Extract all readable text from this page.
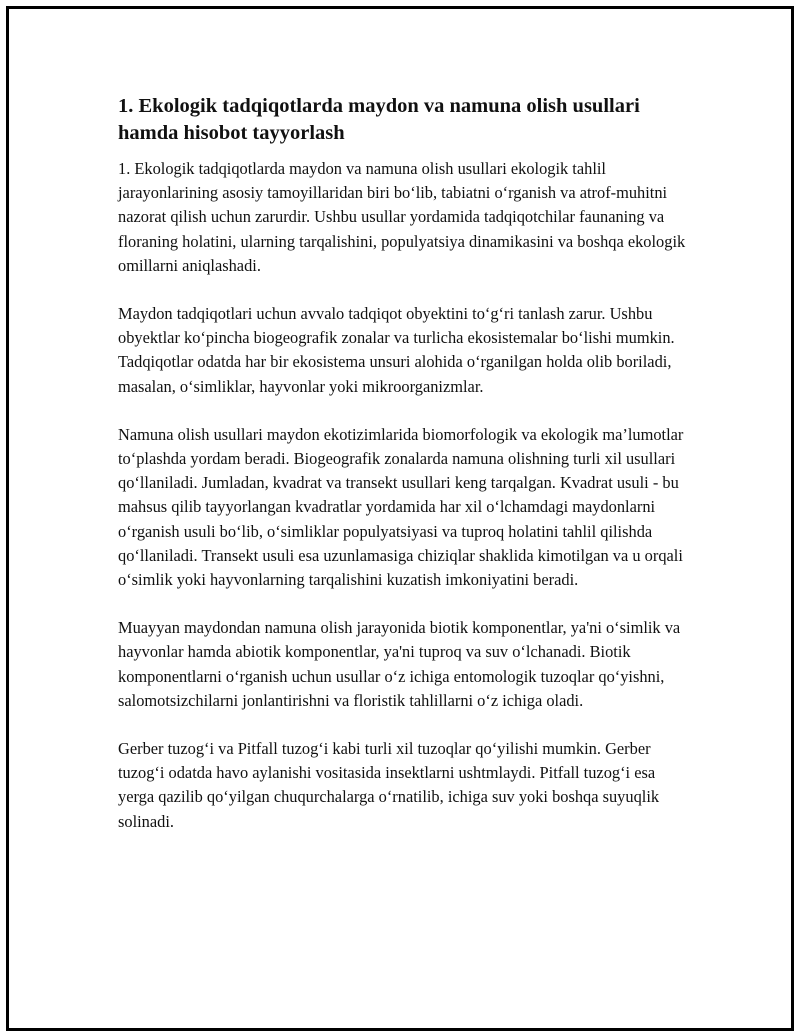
1. Ekologik tadqiqotlarda maydon va namuna olish usullari hamda hisobot tayyorlash

1. Ekologik tadqiqotlarda maydon va namuna olish usullari ekologik tahlil jarayonlarining asosiy tamoyillaridan biri bo‘lib, tabiatni o‘rganish va atrof-muhitni nazorat qilish uchun zarurdir. Ushbu usullar yordamida tadqiqotchilar faunaning va floraning holatini, ularning tarqalishini, populyatsiya dinamikasini va boshqa ekologik omillarni aniqlashadi.

Maydon tadqiqotlari uchun avvalo tadqiqot obyektini to‘g‘ri tanlash zarur. Ushbu obyektlar ko‘pincha biogeografik zonalar va turlicha ekosistemalar bo‘lishi mumkin. Tadqiqotlar odatda har bir ekosistema unsuri alohida o‘rganilgan holda olib boriladi, masalan, o‘simliklar, hayvonlar yoki mikroorganizmlar.

Namuna olish usullari maydon ekotizimlarida biomorfologik va ekologik ma’lumotlar to‘plashda yordam beradi. Biogeografik zonalarda namuna olishning turli xil usullari qo‘llaniladi. Jumladan, kvadrat va transekt usullari keng tarqalgan. Kvadrat usuli - bu mahsus qilib tayyorlangan kvadratlar yordamida har xil o‘lchamdagi maydonlarni o‘rganish usuli bo‘lib, o‘simliklar populyatsiyasi va tuproq holatini tahlil qilishda qo‘llaniladi. Transekt usuli esa uzunlamasiga chiziqlar shaklida kimotilgan va u orqali o‘simlik yoki hayvonlarning tarqalishini kuzatish imkoniyatini beradi.

Muayyan maydondan namuna olish jarayonida biotik komponentlar, ya'ni o‘simlik va hayvonlar hamda abiotik komponentlar, ya'ni tuproq va suv o‘lchanadi. Biotik komponentlarni o‘rganish uchun usullar o‘z ichiga entomologik tuzoqlar qo‘yishni, salomotsizchilarni jonlantirishni va floristik tahlillarni o‘z ichiga oladi.

Gerber tuzog‘i va Pitfall tuzog‘i kabi turli xil tuzoqlar qo‘yilishi mumkin. Gerber tuzog‘i odatda havo aylanishi vositasida insektlarni ushtmlaydi. Pitfall tuzog‘i esa yerga qazilib qo‘yilgan chuqurchalarga o‘rnatilib, ichiga suv yoki boshqa suyuqlik solinadi.
